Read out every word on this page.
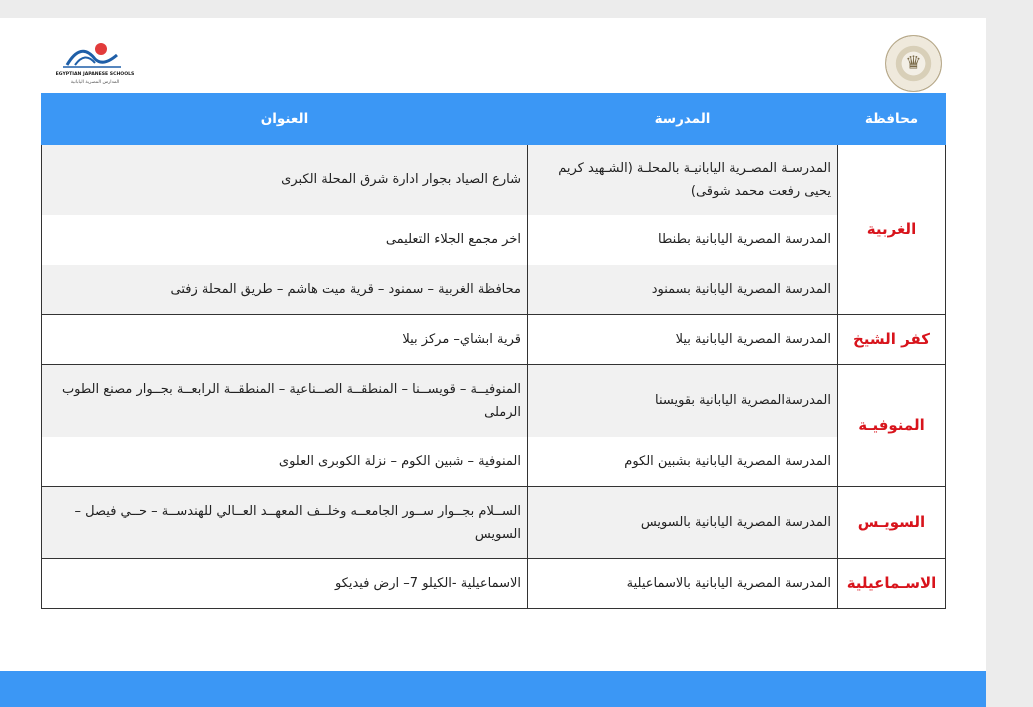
EGYPTIAN JAPANESE SCHOOLS
المدارس المصرية اليابانية
♛
محافظة	المدرسة	العنوان
الغربية	المدرسـة المصـرية اليابانيـة بالمحلـة (الشـهيد كريم يحيى رفعت محمد شوقى)	شارع الصياد بجوار ادارة شرق المحلة الكبرى
	المدرسة المصرية اليابانية بطنطا	اخر مجمع الجلاء التعليمى
	المدرسة المصرية اليابانية بسمنود	محافظة الغربية – سمنود – قرية ميت هاشم – طريق المحلة زفتى
كفر الشيخ	المدرسة المصرية اليابانية بيلا	قرية ابشاي– مركز بيلا
المنوفيـة	المدرسةالمصرية اليابانية بقويسنا	المنوفيــة – قويســنا – المنطقــة الصــناعية – المنطقــة الرابعــة بجــوار مصنع الطوب الرملى
	المدرسة المصرية اليابانية بشبين الكوم	المنوفية – شبين الكوم – نزلة الكوبرى العلوى
السويـس	المدرسة المصرية اليابانية بالسويس	الســلام بجــوار ســور الجامعــه وخلــف المعهــد العــالي للهندســة – حــي فيصل – السويس
الاسـماعيلية	المدرسة المصرية اليابانية بالاسماعيلية	الاسماعيلية -الكيلو 7– ارض فيديكو
